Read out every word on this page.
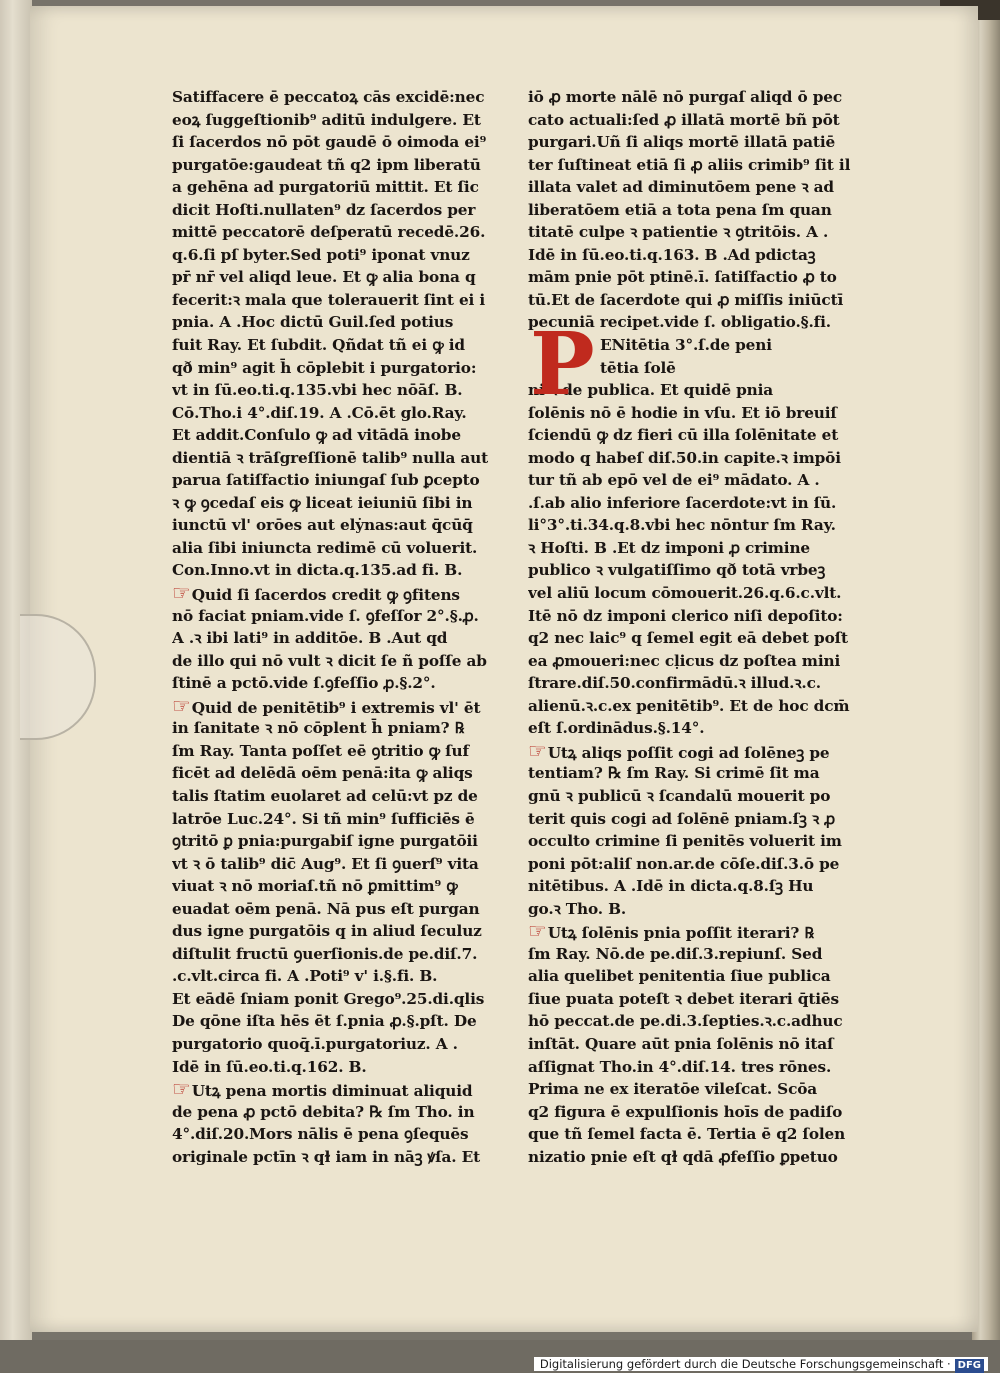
Satiffacere ē peccatoꝝ cās excidē:nec
eoꝝ ſuggeſtionib⁹ aditū indulgere. Et
ſi ſacerdos nō pōt gaudē ō oimoda ei⁹
purgatōe:gaudeat tñ q2 ipm liberatū
a gehēna ad purgatoriū mittit. Et ſic
dicit Hoſti.nullaten⁹ dz ſacerdos per
mittē peccatorē deſperatū recedē.26.
q.6.ſi pſ byter.Sed poti⁹ iponat vnuz
pr̄ nr̄ vel aliqd leue. Et ꝙ alia bona q
fecerit:ꝛ mala que tolerauerit ſint ei i
pnia. A .Hoc dictū Guil.ſed potius
fuit Ray. Et ſubdit. Qñdat tñ ei ꝙ id
qð min⁹ agit h̄ cōplebit i purgatorio:
vt in ſū.eo.ti.q.135.vbi hec nōāſ. B.
Cō.Tho.i 4°.diſ.19. A .Cō.ēt glo.Ray.
Et addit.Conſulo ꝙ ad vitādā inobe
dientiā ꝛ trāſgreſſionē talib⁹ nulla aut
parua ſatiſfactio iniungaſ ſub ꝑcepto
ꝛ ꝙ ꝯcedaſ eis ꝙ liceat ieiuniū ſibi in
iunctū vl' orōes aut elẏnas:aut q̄cūq̄
alia ſibi iniuncta redimē cū voluerit.
Con.Inno.vt in dicta.q.135.ad fi. B.
☞Quid ſi ſacerdos credit ꝙ ꝯfitens
nō faciat pniam.vide ſ. ꝯfeſſor 2°.§.ꝓ.
A .ꝛ ibi lati⁹ in additōe. B .Aut qd
de illo qui nō vult ꝛ dicit ſe ñ poſſe ab
ſtinē a pctō.vide ſ.ꝯfeſſio ꝓ.§.2°.
☞Quid de penitētib⁹ i extremis vl' ēt
in ſanitate ꝛ nō cōplent h̄ pniam? ℞
ſm Ray. Tanta poſſet eē ꝯtritio ꝙ ſuf
ficēt ad delēdā oēm penā:ita ꝙ aliqs
talis ſtatim euolaret ad celū:vt pz de
latrōe Luc.24°. Si tñ min⁹ ſufficiēs ē
ꝯtritō ꝑ pnia:purgabiſ igne purgatōii
vt ꝛ ō talib⁹ dic̄ Aug⁹. Et ſi ꝯuerſ⁹ vita
viuat ꝛ nō moriaſ.tñ nō ꝑmittim⁹ ꝙ
euadat oēm penā. Nā pus eſt purgan
dus igne purgatōis q in aliud ſeculuz
diſtulit fructū ꝯuerſionis.de pe.diſ.7.
.c.vlt.circa fi. A .Poti⁹ v' i.§.fi. B.
Et eādē ſniam ponit Grego⁹.25.di.qlis
De qōne iſta hēs ēt ſ.pnia ꝓ.§.pſt. De
purgatorio quoq̄.ī.purgatoriuz. A .
Idē in ſū.eo.ti.q.162. B.
☞Utꝝ pena mortis diminuat aliquid
de pena ꝓ pctō debita? ℞ ſm Tho. in
4°.diſ.20.Mors nālis ē pena ꝯſequēs
originale pctīn ꝛ qɫ iam in nāꝫ ꝟſa. Et
P
iō ꝓ morte nālē nō purgaſ aliqd ō pec
cato actuali:ſed ꝓ illatā mortē bñ pōt
purgari.Uñ ſi aliqs mortē illatā patiē
ter ſuſtineat etiā ſi ꝓ aliis crimib⁹ ſit il
illata valet ad diminutōem pene ꝛ ad
liberatōem etiā a tota pena ſm quan
titatē culpe ꝛ patientie ꝛ ꝯtritōis. A .
Idē in ſū.eo.ti.q.163. B .Ad pdictaꝫ
mām pnie pōt ptinē.ī. ſatiſfactio ꝓ to
tū.Et de ſacerdote qui ꝓ miſſis iniūctī
pecuniā recipet.vide ſ. obligatio.§.fi.
ENitētia 3°.ſ.de peni
tētia ſolē
ni ꝛ de publica. Et quidē pnia
ſolēnis nō ē hodie in vſu. Et iō breuiſ
ſciendū ꝙ dz fieri cū illa ſolēnitate et
modo q habeſ diſ.50.in capite.ꝛ impōi
tur tñ ab epō vel de ei⁹ mādato. A .
.ſ.ab alio inferiore ſacerdote:vt in ſū.
li°3°.ti.34.q.8.vbi hec nōntur ſm Ray.
ꝛ Hoſti. B .Et dz imponi ꝓ crimine
publico ꝛ vulgatiſſimo qð totā vrbeꝫ
vel aliū locum cōmouerit.26.q.6.c.vlt.
Itē nō dz imponi clerico niſi depoſito:
q2 nec laic⁹ q ſemel egit eā debet poſt
ea ꝓmoueri:nec cḷicus dz poſtea mini
ſtrare.diſ.50.confirmādū.ꝛ illud.ꝛ.c.
alienū.ꝛ.c.ex penitētib⁹. Et de hoc dcm̄
eſt ſ.ordinādus.§.14°.
☞Utꝝ aliqs poſſit cogi ad ſolēneꝫ pe
tentiam? ℞ ſm Ray. Si crimē ſit ma
gnū ꝛ publicū ꝛ ſcandalū mouerit po
terit quis cogi ad ſolēnē pniam.ſꝫ ꝛ ꝓ
occulto crimine ſi penitēs voluerit im
poni pōt:aliſ non.ar.de cōſe.diſ.3.ō pe
nitētibus. A .Idē in dicta.q.8.ſꝫ Hu
go.ꝛ Tho. B.
☞Utꝝ ſolēnis pnia poſſit iterari? ℞
ſm Ray. Nō.de pe.diſ.3.repiunſ. Sed
alia quelibet penitentia ſiue publica
ſiue puata poteſt ꝛ debet iterari q̄tiēs
hō peccat.de pe.di.3.ſepties.ꝛ.c.adhuc
inſtāt. Quare aūt pnia ſolēnis nō itaſ
aſſignat Tho.in 4°.diſ.14. tres rōnes.
Prima ne ex iteratōe vileſcat. Scōa
q2 figura ē expulſionis hoīs de padiſo
que tñ ſemel facta ē. Tertia ē q2 ſolen
nizatio pnie eſt qɫ qdā ꝓfeſſio ꝑpetuo
Digitalisierung gefördert durch die Deutsche Forschungsgemeinschaft · DFG
